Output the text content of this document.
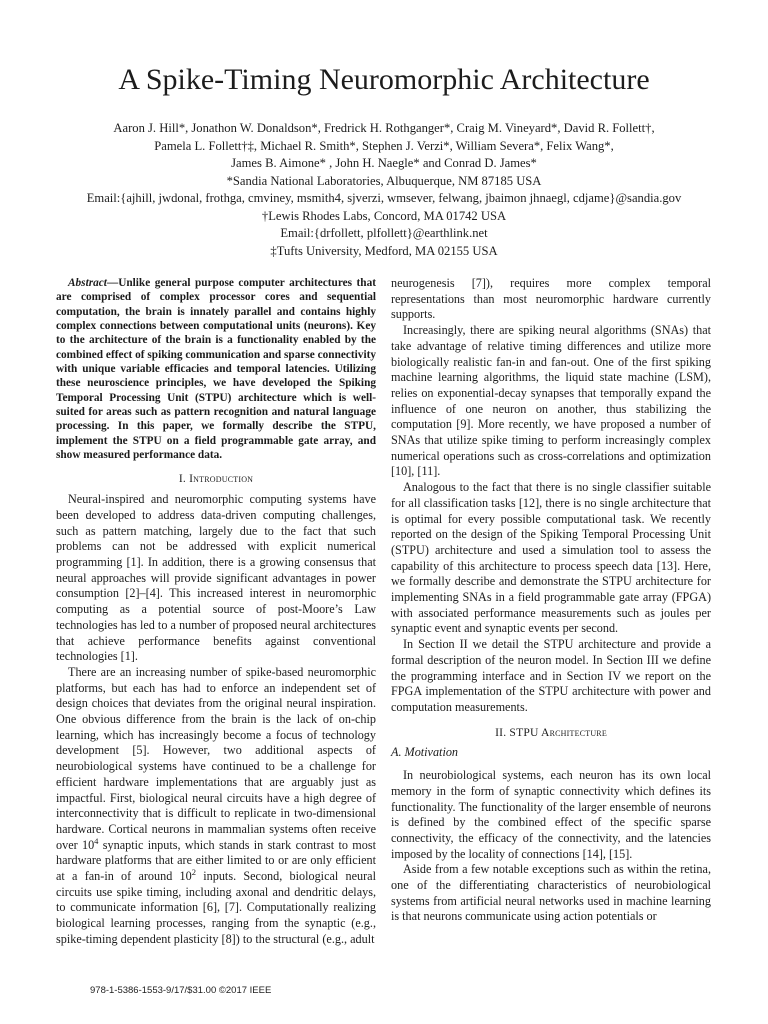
A Spike-Timing Neuromorphic Architecture
Aaron J. Hill*, Jonathon W. Donaldson*, Fredrick H. Rothganger*, Craig M. Vineyard*, David R. Follett†,
Pamela L. Follett†‡, Michael R. Smith*, Stephen J. Verzi*, William Severa*, Felix Wang*,
James B. Aimone* , John H. Naegle* and Conrad D. James*
*Sandia National Laboratories, Albuquerque, NM 87185 USA
Email:{ajhill, jwdonal, frothga, cmviney, msmith4, sjverzi, wmsever, felwang, jbaimon jhnaegl, cdjame}@sandia.gov
†Lewis Rhodes Labs, Concord, MA 01742 USA
Email:{drfollett, plfollett}@earthlink.net
‡Tufts University, Medford, MA 02155 USA

Abstract—Unlike general purpose computer architectures that are comprised of complex processor cores and sequential computation, the brain is innately parallel and contains highly complex connections between computational units (neurons). Key to the architecture of the brain is a functionality enabled by the combined effect of spiking communication and sparse connectivity with unique variable efficacies and temporal latencies. Utilizing these neuroscience principles, we have developed the Spiking Temporal Processing Unit (STPU) architecture which is well-suited for areas such as pattern recognition and natural language processing. In this paper, we formally describe the STPU, implement the STPU on a field programmable gate array, and show measured performance data.

I. Introduction

Neural-inspired and neuromorphic computing systems have been developed to address data-driven computing challenges, such as pattern matching, largely due to the fact that such problems can not be addressed with explicit numerical programming [1]. In addition, there is a growing consensus that neural approaches will provide significant advantages in power consumption [2]–[4]. This increased interest in neuromorphic computing as a potential source of post-Moore’s Law technologies has led to a number of proposed neural architectures that achieve performance benefits against conventional technologies [1].

There are an increasing number of spike-based neuromorphic platforms, but each has had to enforce an independent set of design choices that deviates from the original neural inspiration. One obvious difference from the brain is the lack of on-chip learning, which has increasingly become a focus of technology development [5]. However, two additional aspects of neurobiological systems have continued to be a challenge for efficient hardware implementations that are arguably just as impactful. First, biological neural circuits have a high degree of interconnectivity that is difficult to replicate in two-dimensional hardware. Cortical neurons in mammalian systems often receive over $10^4$ synaptic inputs, which stands in stark contrast to most hardware platforms that are either limited to or are only efficient at a fan-in of around $10^2$ inputs. Second, biological neural circuits use spike timing, including axonal and dendritic delays, to communicate information [6], [7]. Computationally realizing biological learning processes, ranging from the synaptic (e.g., spike-timing dependent plasticity [8]) to the structural (e.g., adult

neurogenesis [7]), requires more complex temporal representations than most neuromorphic hardware currently supports.

Increasingly, there are spiking neural algorithms (SNAs) that take advantage of relative timing differences and utilize more biologically realistic fan-in and fan-out. One of the first spiking machine learning algorithms, the liquid state machine (LSM), relies on exponential-decay synapses that temporally expand the influence of one neuron on another, thus stabilizing the computation [9]. More recently, we have proposed a number of SNAs that utilize spike timing to perform increasingly complex numerical operations such as cross-correlations and optimization [10], [11].

Analogous to the fact that there is no single classifier suitable for all classification tasks [12], there is no single architecture that is optimal for every possible computational task. We recently reported on the design of the Spiking Temporal Processing Unit (STPU) architecture and used a simulation tool to assess the capability of this architecture to process speech data [13]. Here, we formally describe and demonstrate the STPU architecture for implementing SNAs in a field programmable gate array (FPGA) with associated performance measurements such as joules per synaptic event and synaptic events per second.

In Section II we detail the STPU architecture and provide a formal description of the neuron model. In Section III we define the programming interface and in Section IV we report on the FPGA implementation of the STPU architecture with power and computation measurements.

II. STPU Architecture
A. Motivation

In neurobiological systems, each neuron has its own local memory in the form of synaptic connectivity which defines its functionality. The functionality of the larger ensemble of neurons is defined by the combined effect of the specific sparse connectivity, the efficacy of the connectivity, and the latencies imposed by the locality of connections [14], [15].

Aside from a few notable exceptions such as within the retina, one of the differentiating characteristics of neurobiological systems from artificial neural networks used in machine learning is that neurons communicate using action potentials or

978-1-5386-1553-9/17/$31.00 ©2017 IEEE
